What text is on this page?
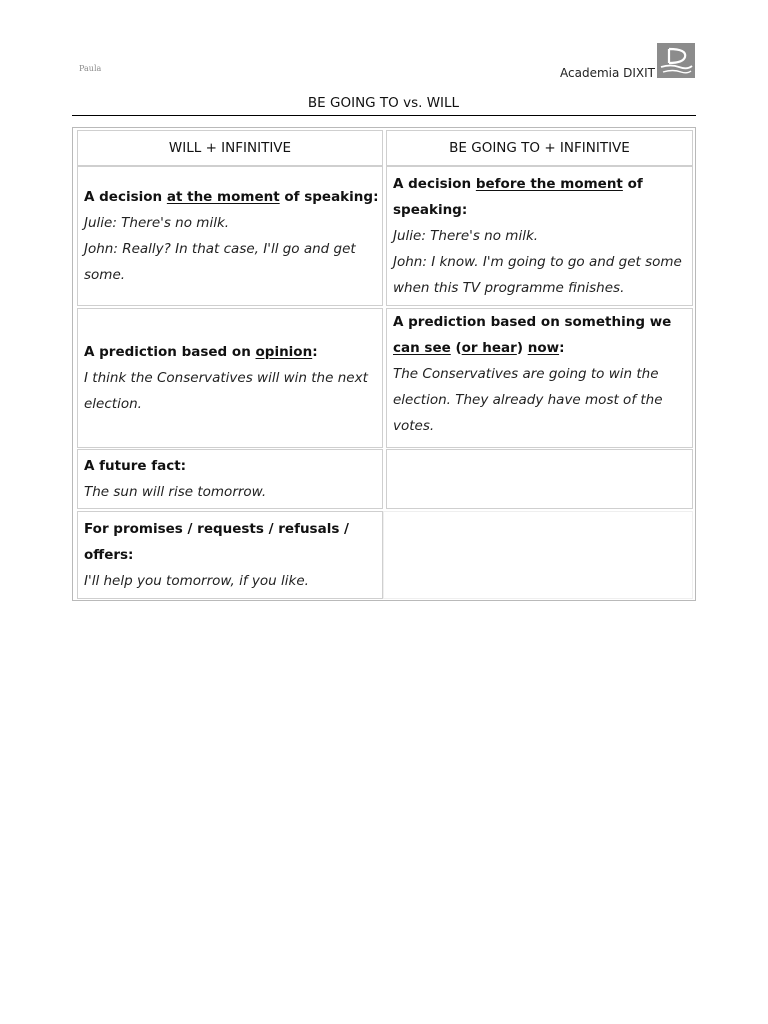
Paula	Academia DIXIT
BE GOING TO vs. WILL
WILL + INFINITIVE	BE GOING TO + INFINITIVE
A decision at the moment of speaking:
Julie: There's no milk.
John: Really? In that case, I'll go and get some.
A decision before the moment of speaking:
Julie: There's no milk.
John: I know. I'm going to go and get some when this TV programme finishes.
A prediction based on opinion:
I think the Conservatives will win the next election.
A prediction based on something we can see (or hear) now:
The Conservatives are going to win the election. They already have most of the votes.
A future fact:
The sun will rise tomorrow.
For promises / requests / refusals / offers:
I'll help you tomorrow, if you like.
